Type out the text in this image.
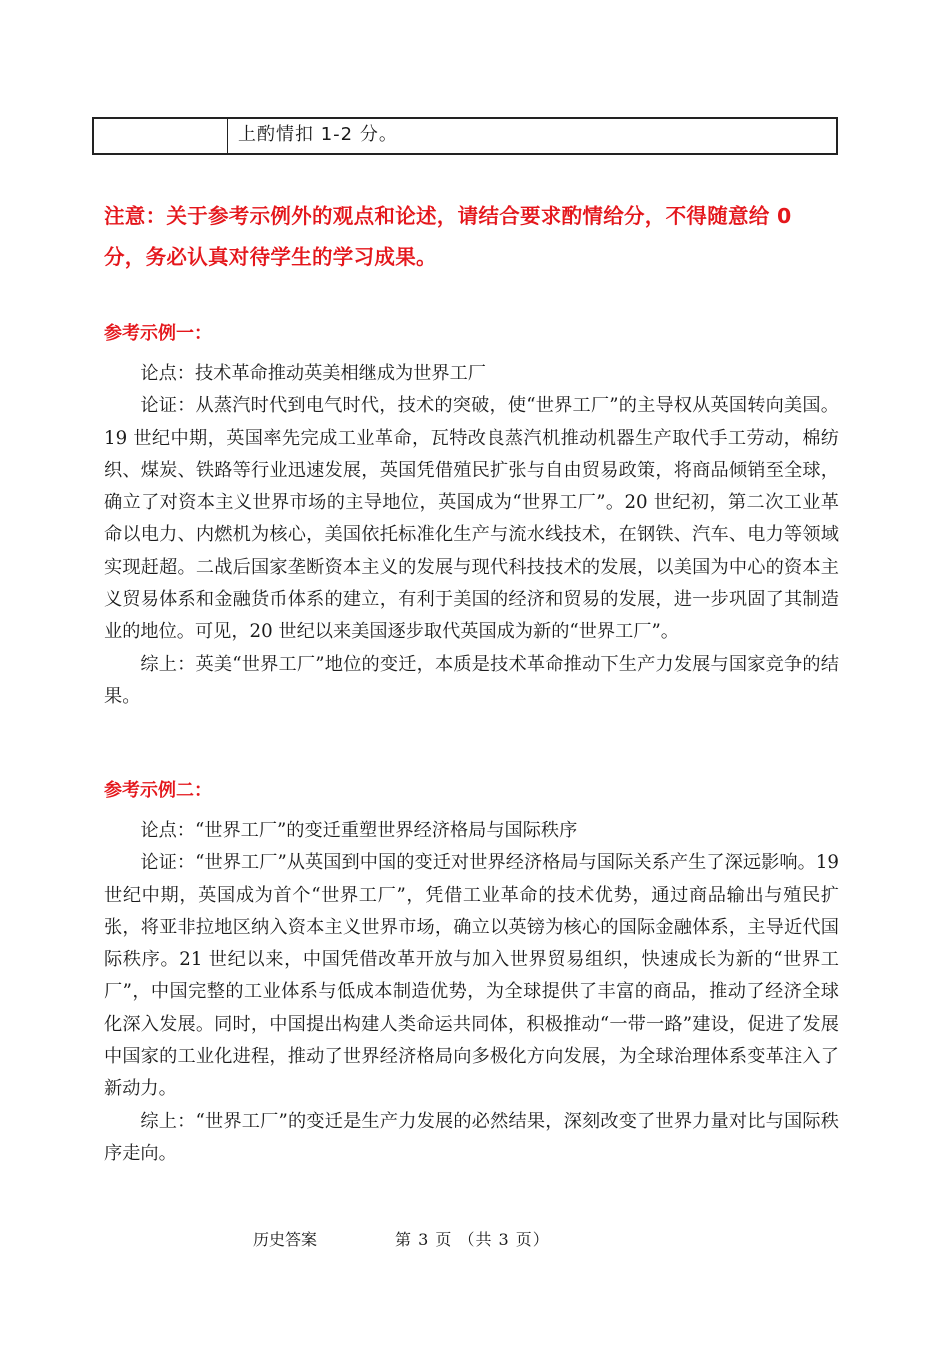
上酌情扣 1-2 分。

注意：关于参考示例外的观点和论述，请结合要求酌情给分，不得随意给 0 分，务必认真对待学生的学习成果。

参考示例一：

论点：技术革命推动英美相继成为世界工厂

论证：从蒸汽时代到电气时代，技术的突破，使“世界工厂”的主导权从英国转向美国。19 世纪中期，英国率先完成工业革命，瓦特改良蒸汽机推动机器生产取代手工劳动，棉纺织、煤炭、铁路等行业迅速发展，英国凭借殖民扩张与自由贸易政策，将商品倾销至全球，确立了对资本主义世界市场的主导地位，英国成为“世界工厂”。20 世纪初，第二次工业革命以电力、内燃机为核心，美国依托标准化生产与流水线技术，在钢铁、汽车、电力等领域实现赶超。二战后国家垄断资本主义的发展与现代科技技术的发展，以美国为中心的资本主义贸易体系和金融货币体系的建立，有利于美国的经济和贸易的发展，进一步巩固了其制造业的地位。可见，20 世纪以来美国逐步取代英国成为新的“世界工厂”。

综上：英美“世界工厂”地位的变迁，本质是技术革命推动下生产力发展与国家竞争的结果。

参考示例二：

论点：“世界工厂”的变迁重塑世界经济格局与国际秩序

论证：“世界工厂”从英国到中国的变迁对世界经济格局与国际关系产生了深远影响。19 世纪中期，英国成为首个“世界工厂”，凭借工业革命的技术优势，通过商品输出与殖民扩张，将亚非拉地区纳入资本主义世界市场，确立以英镑为核心的国际金融体系，主导近代国际秩序。21 世纪以来，中国凭借改革开放与加入世界贸易组织，快速成长为新的“世界工厂”，中国完整的工业体系与低成本制造优势，为全球提供了丰富的商品，推动了经济全球化深入发展。同时，中国提出构建人类命运共同体，积极推动“一带一路”建设，促进了发展中国家的工业化进程，推动了世界经济格局向多极化方向发展，为全球治理体系变革注入了新动力。

综上：“世界工厂”的变迁是生产力发展的必然结果，深刻改变了世界力量对比与国际秩序走向。

历史答案	第 3 页 （共 3 页）
